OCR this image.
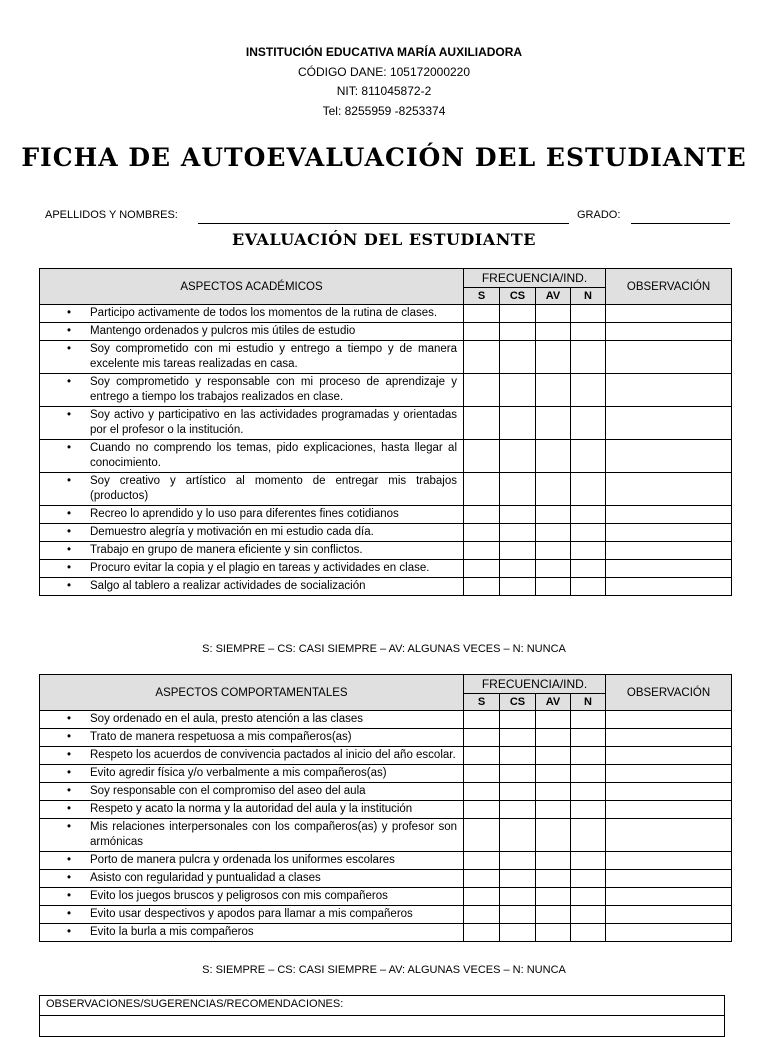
INSTITUCIÓN EDUCATIVA MARÍA AUXILIADORA
CÓDIGO DANE: 105172000220
NIT: 811045872-2
Tel: 8255959 -8253374
FICHA DE AUTOEVALUACIÓN DEL ESTUDIANTE
APELLIDOS Y NOMBRES:	GRADO:
EVALUACIÓN DEL ESTUDIANTE
ASPECTOS ACADÉMICOS	FRECUENCIA/IND.				OBSERVACIÓN
	S	CS	AV	N	

• Participo activamente de todos los momentos de la rutina de clases.					

• Mantengo ordenados y pulcros mis útiles de estudio					

• Soy comprometido con mi estudio y entrego a tiempo y de manera excelente mis tareas realizadas en casa.					

• Soy comprometido y responsable con mi proceso de aprendizaje y entrego a tiempo los trabajos realizados en clase.					

• Soy activo y participativo en las actividades programadas y orientadas por el profesor o la institución.					

• Cuando no comprendo los temas, pido explicaciones, hasta llegar al conocimiento.					

• Soy creativo y artístico al momento de entregar mis trabajos (productos)					

• Recreo lo aprendido y lo uso para diferentes fines cotidianos					

• Demuestro alegría y motivación en mi estudio cada día.					

• Trabajo en grupo de manera eficiente y sin conflictos.					

• Procuro evitar la copia y el plagio en tareas y actividades en clase.					

• Salgo al tablero a realizar actividades de socialización					
S: SIEMPRE – CS: CASI SIEMPRE – AV: ALGUNAS VECES – N: NUNCA
ASPECTOS COMPORTAMENTALES	FRECUENCIA/IND.				OBSERVACIÓN
	S	CS	AV	N	

• Soy ordenado en el aula, presto atención a las clases					

• Trato de manera respetuosa a mis compañeros(as)					

• Respeto los acuerdos de convivencia pactados al inicio del año escolar.					

• Evito agredir física y/o verbalmente a mis compañeros(as)					

• Soy responsable con el compromiso del aseo del aula					

• Respeto y acato la norma y la autoridad del aula y la institución					

• Mis relaciones interpersonales con los compañeros(as) y profesor son armónicas					

• Porto de manera pulcra y ordenada los uniformes escolares					

• Asisto con regularidad y puntualidad a clases					

• Evito los juegos bruscos y peligrosos con mis compañeros					

• Evito usar despectivos y apodos para llamar a mis compañeros					

• Evito la burla a mis compañeros					
S: SIEMPRE – CS: CASI SIEMPRE – AV: ALGUNAS VECES – N: NUNCA
OBSERVACIONES/SUGERENCIAS/RECOMENDACIONES:
